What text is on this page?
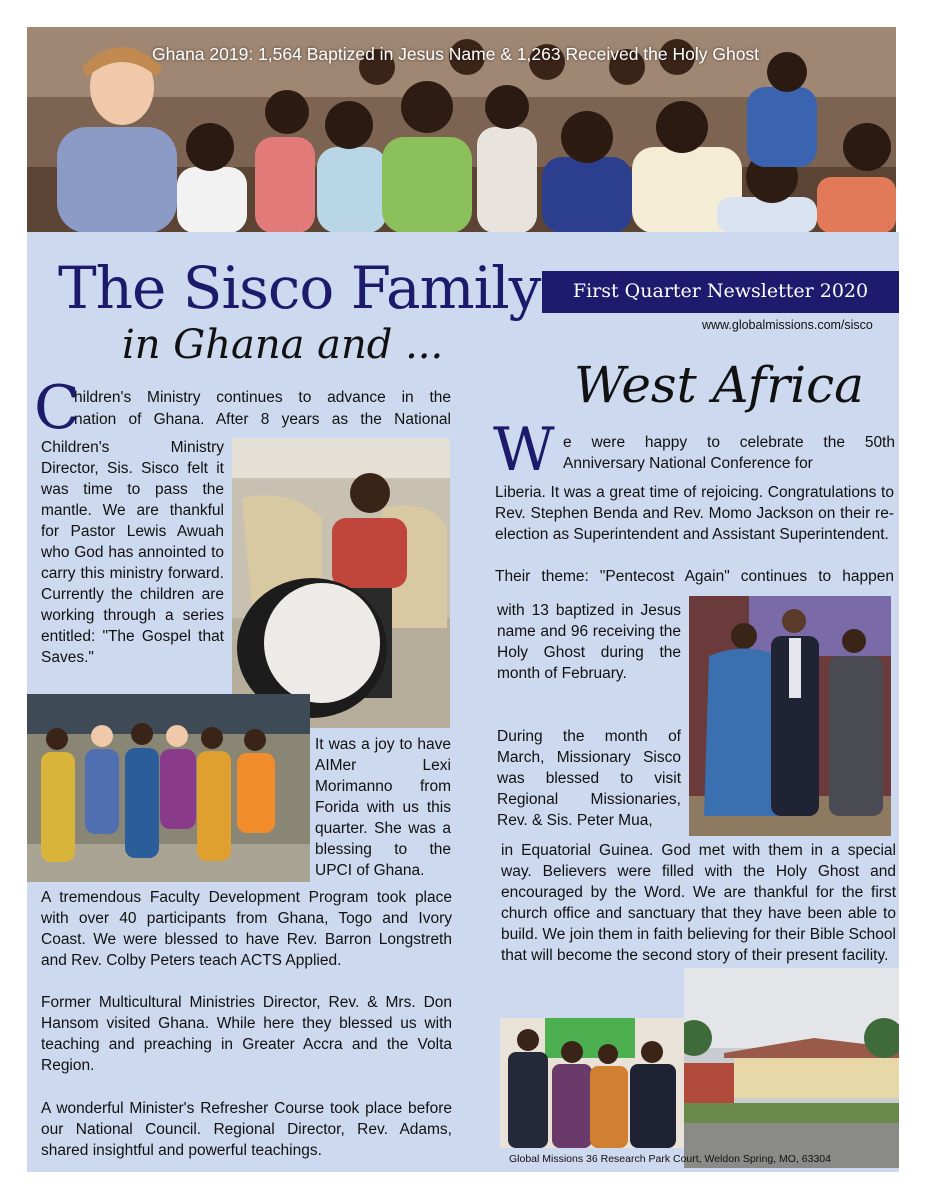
Ghana 2019: 1,564 Baptized in Jesus Name & 1,263 Received the Holy Ghost
The Sisco Family
in Ghana and ...
First Quarter Newsletter 2020
www.globalmissions.com/sisco
West Africa
C
hildren's Ministry continues to advance in the
nation of Ghana. After 8 years as the National

Children's Ministry Director, Sis. Sisco felt it was time to pass the mantle. We are thankful for Pastor Lewis Awuah who God has annointed to carry this ministry forward. Currently the children are working through a series entitled: "The Gospel that Saves."

It was a joy to have AIMer Lexi Morimanno from Forida with us this quarter. She was a blessing to the UPCI of Ghana.

A tremendous Faculty Development Program took place with over 40 participants from Ghana, Togo and Ivory Coast. We were blessed to have Rev. Barron Longstreth and Rev. Colby Peters teach ACTS Applied.

Former Multicultural Ministries Director, Rev. & Mrs. Don Hansom visited Ghana. While here they blessed us with teaching and preaching in Greater Accra and the Volta Region.

A wonderful Minister's Refresher Course took place before our National Council. Regional Director, Rev. Adams, shared insightful and powerful teachings.

W e were happy to celebrate the 50th
Anniversary National Conference for

Liberia. It was a great time of rejoicing. Congratulations to Rev. Stephen Benda and Rev. Momo Jackson on their re-election as Superintendent and Assistant Superintendent.

Their theme: "Pentecost Again" continues to happen

with 13 baptized in Jesus name and 96 receiving the Holy Ghost during the month of February.

During the month of March, Missionary Sisco was blessed to visit Regional Missionaries, Rev. & Sis. Peter Mua,

in Equatorial Guinea. God met with them in a special way. Believers were filled with the Holy Ghost and encouraged by the Word. We are thankful for the first church office and sanctuary that they have been able to build. We join them in faith believing for their Bible School that will become the second story of their present facility.

Global Missions 36 Research Park Court, Weldon Spring, MO, 63304
